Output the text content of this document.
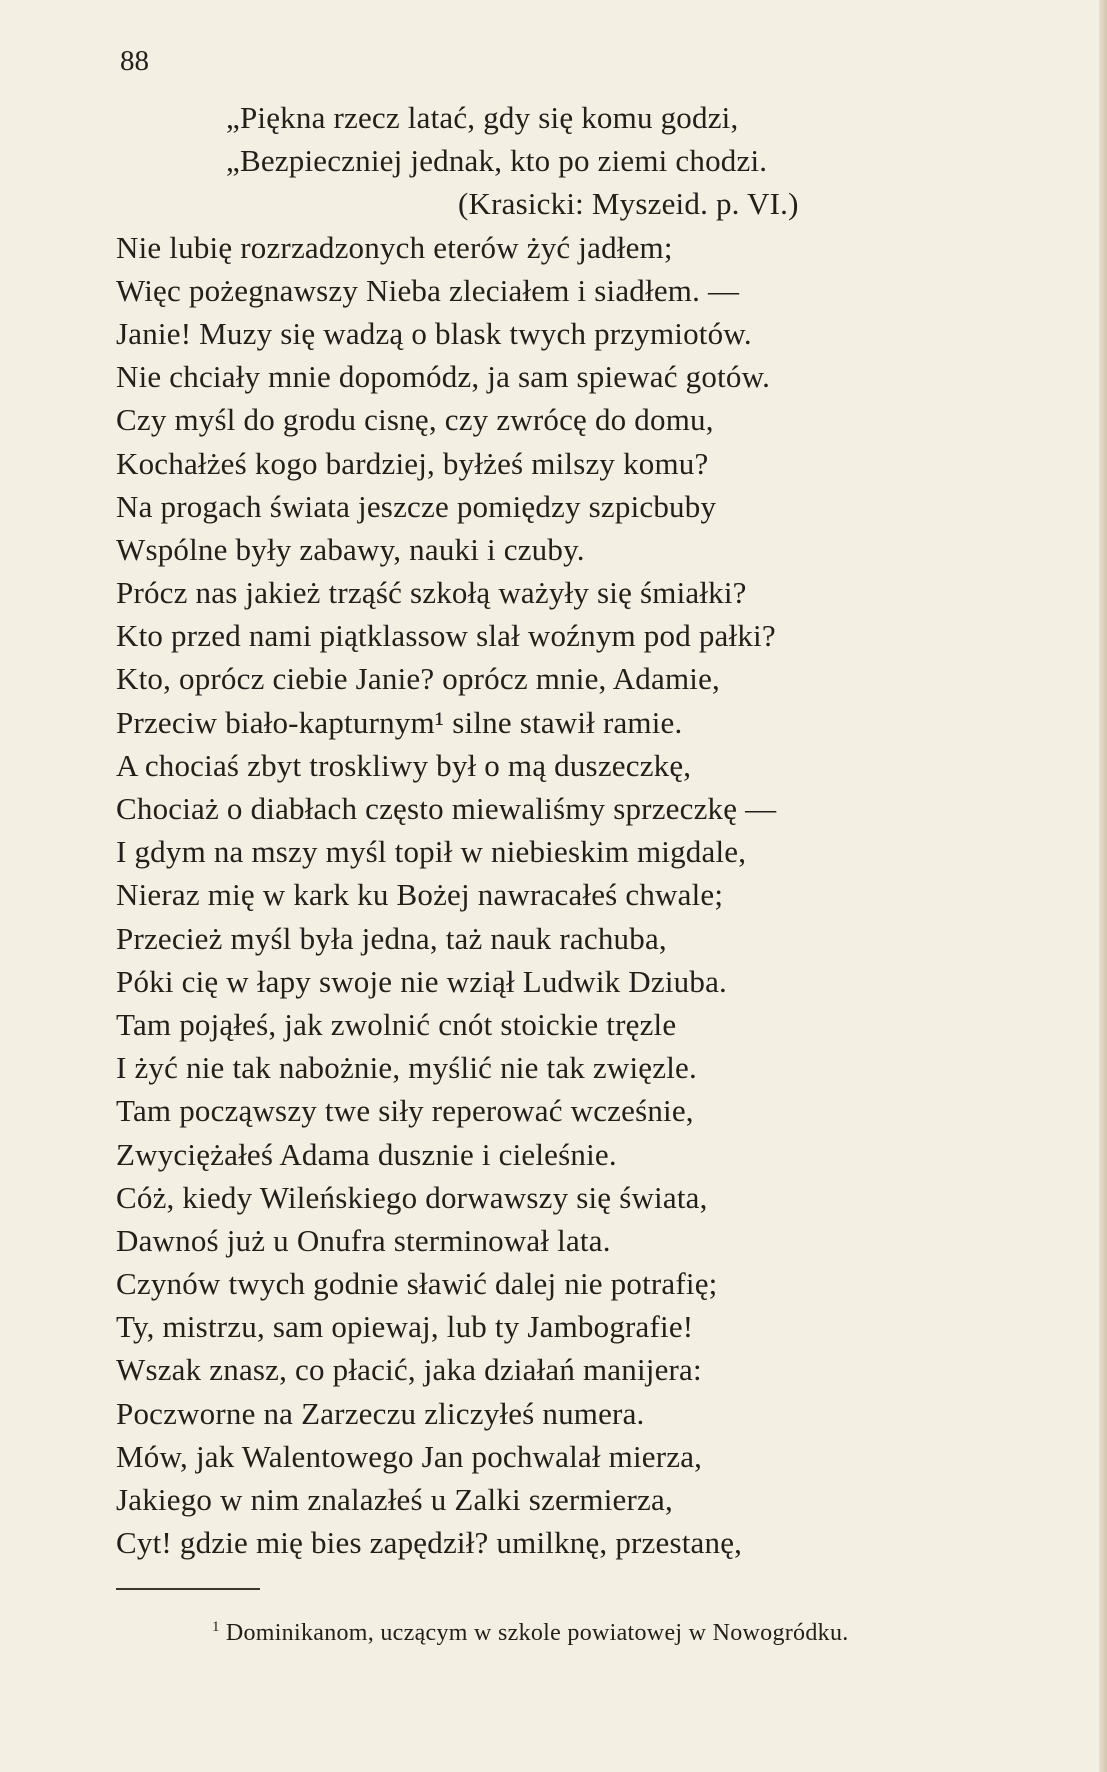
88
„Piękna rzecz latać, gdy się komu godzi,
„Bezpieczniej jednak, kto po ziemi chodzi.
(Krasicki: Myszeid. p. VI.)
Nie lubię rozrzadzonych eterów żyć jadłem;
Więc pożegnawszy Nieba zleciałem i siadłem. —
Janie! Muzy się wadzą o blask twych przymiotów.
Nie chciały mnie dopomódz, ja sam spiewać gotów.
Czy myśl do grodu cisnę, czy zwrócę do domu,
Kochałżeś kogo bardziej, byłżeś milszy komu?
Na progach świata jeszcze pomiędzy szpicbuby
Wspólne były zabawy, nauki i czuby.
Prócz nas jakież trząść szkołą ważyły się śmiałki?
Kto przed nami piątklassow slał woźnym pod pałki?
Kto, oprócz ciebie Janie? oprócz mnie, Adamie,
Przeciw biało-kapturnym¹ silne stawił ramie.
A chociaś zbyt troskliwy był o mą duszeczkę,
Chociaż o diabłach często miewaliśmy sprzeczkę —
I gdym na mszy myśl topił w niebieskim migdale,
Nieraz mię w kark ku Bożej nawracałeś chwale;
Przecież myśl była jedna, taż nauk rachuba,
Póki cię w łapy swoje nie wziął Ludwik Dziuba.
Tam pojąłeś, jak zwolnić cnót stoickie tręzle
I żyć nie tak nabożnie, myślić nie tak zwięzle.
Tam począwszy twe siły reperować wcześnie,
Zwyciężałeś Adama dusznie i cieleśnie.
Cóż, kiedy Wileńskiego dorwawszy się świata,
Dawnoś już u Onufra sterminował lata.
Czynów twych godnie sławić dalej nie potrafię;
Ty, mistrzu, sam opiewaj, lub ty Jambografie!
Wszak znasz, co płacić, jaka działań manijera:
Poczworne na Zarzeczu zliczyłeś numera.
Mów, jak Walentowego Jan pochwalał mierza,
Jakiego w nim znalazłeś u Zalki szermierza,
Cyt! gdzie mię bies zapędził? umilknę, przestanę,
$^1$ Dominikanom, uczącym w szkole powiatowej w Nowogródku.
